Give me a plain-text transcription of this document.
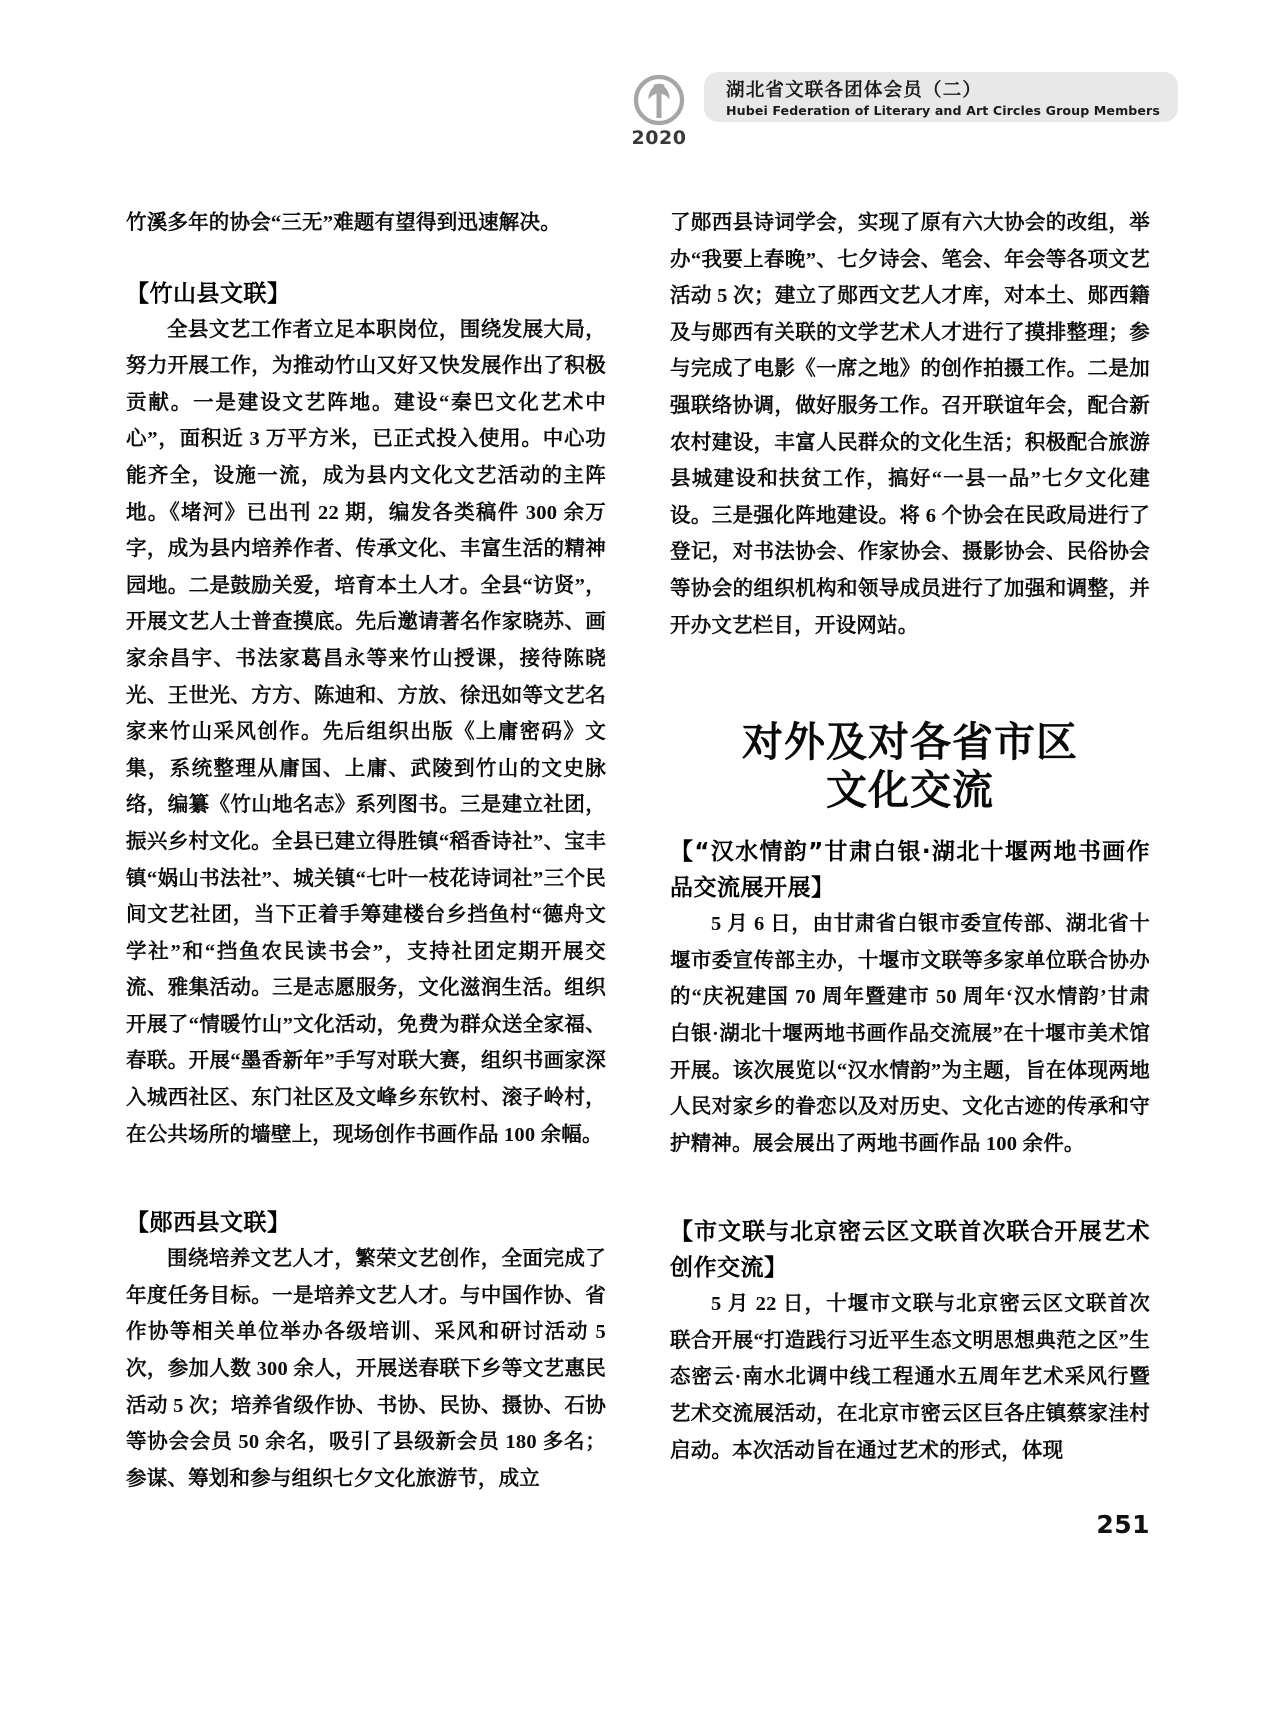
2020
湖北省文联各团体会员（二）
Hubei Federation of Literary and Art Circles Group Members

竹溪多年的协会“三无”难题有望得到迅速解决。

【竹山县文联】

全县文艺工作者立足本职岗位，围绕发展大局，努力开展工作，为推动竹山又好又快发展作出了积极贡献。一是建设文艺阵地。建设“秦巴文化艺术中心”，面积近 3 万平方米，已正式投入使用。中心功能齐全，设施一流，成为县内文化文艺活动的主阵地。《堵河》已出刊 22 期，编发各类稿件 300 余万字，成为县内培养作者、传承文化、丰富生活的精神园地。二是鼓励关爱，培育本土人才。全县“访贤”，开展文艺人士普查摸底。先后邀请著名作家晓苏、画家余昌宇、书法家葛昌永等来竹山授课，接待陈晓光、王世光、方方、陈迪和、方放、徐迅如等文艺名家来竹山采风创作。先后组织出版《上庸密码》文集，系统整理从庸国、上庸、武陵到竹山的文史脉络，编纂《竹山地名志》系列图书。三是建立社团，振兴乡村文化。全县已建立得胜镇“稻香诗社”、宝丰镇“娲山书法社”、城关镇“七叶一枝花诗词社”三个民间文艺社团，当下正着手筹建楼台乡挡鱼村“德舟文学社”和“挡鱼农民读书会”，支持社团定期开展交流、雅集活动。三是志愿服务，文化滋润生活。组织开展了“情暖竹山”文化活动，免费为群众送全家福、春联。开展“墨香新年”手写对联大赛，组织书画家深入城西社区、东门社区及文峰乡东钦村、滚子岭村，在公共场所的墙壁上，现场创作书画作品 100 余幅。

【郧西县文联】

围绕培养文艺人才，繁荣文艺创作，全面完成了年度任务目标。一是培养文艺人才。与中国作协、省作协等相关单位举办各级培训、采风和研讨活动 5 次，参加人数 300 余人，开展送春联下乡等文艺惠民活动 5 次；培养省级作协、书协、民协、摄协、石协等协会会员 50 余名，吸引了县级新会员 180 多名；参谋、筹划和参与组织七夕文化旅游节，成立

了郧西县诗词学会，实现了原有六大协会的改组，举办“我要上春晚”、七夕诗会、笔会、年会等各项文艺活动 5 次；建立了郧西文艺人才库，对本土、郧西籍及与郧西有关联的文学艺术人才进行了摸排整理；参与完成了电影《一席之地》的创作拍摄工作。二是加强联络协调，做好服务工作。召开联谊年会，配合新农村建设，丰富人民群众的文化生活；积极配合旅游县城建设和扶贫工作，搞好“一县一品”七夕文化建设。三是强化阵地建设。将 6 个协会在民政局进行了登记，对书法协会、作家协会、摄影协会、民俗协会等协会的组织机构和领导成员进行了加强和调整，并开办文艺栏目，开设网站。

对外及对各省市区
文化交流
【“汉水情韵”甘肃白银·湖北十堰两地书画作品交流展开展】

5 月 6 日，由甘肃省白银市委宣传部、湖北省十堰市委宣传部主办，十堰市文联等多家单位联合协办的“庆祝建国 70 周年暨建市 50 周年‘汉水情韵’甘肃白银·湖北十堰两地书画作品交流展”在十堰市美术馆开展。该次展览以“汉水情韵”为主题，旨在体现两地人民对家乡的眷恋以及对历史、文化古迹的传承和守护精神。展会展出了两地书画作品 100 余件。

【市文联与北京密云区文联首次联合开展艺术创作交流】

5 月 22 日，十堰市文联与北京密云区文联首次联合开展“打造践行习近平生态文明思想典范之区”生态密云·南水北调中线工程通水五周年艺术采风行暨艺术交流展活动，在北京市密云区巨各庄镇蔡家洼村启动。本次活动旨在通过艺术的形式，体现

251
